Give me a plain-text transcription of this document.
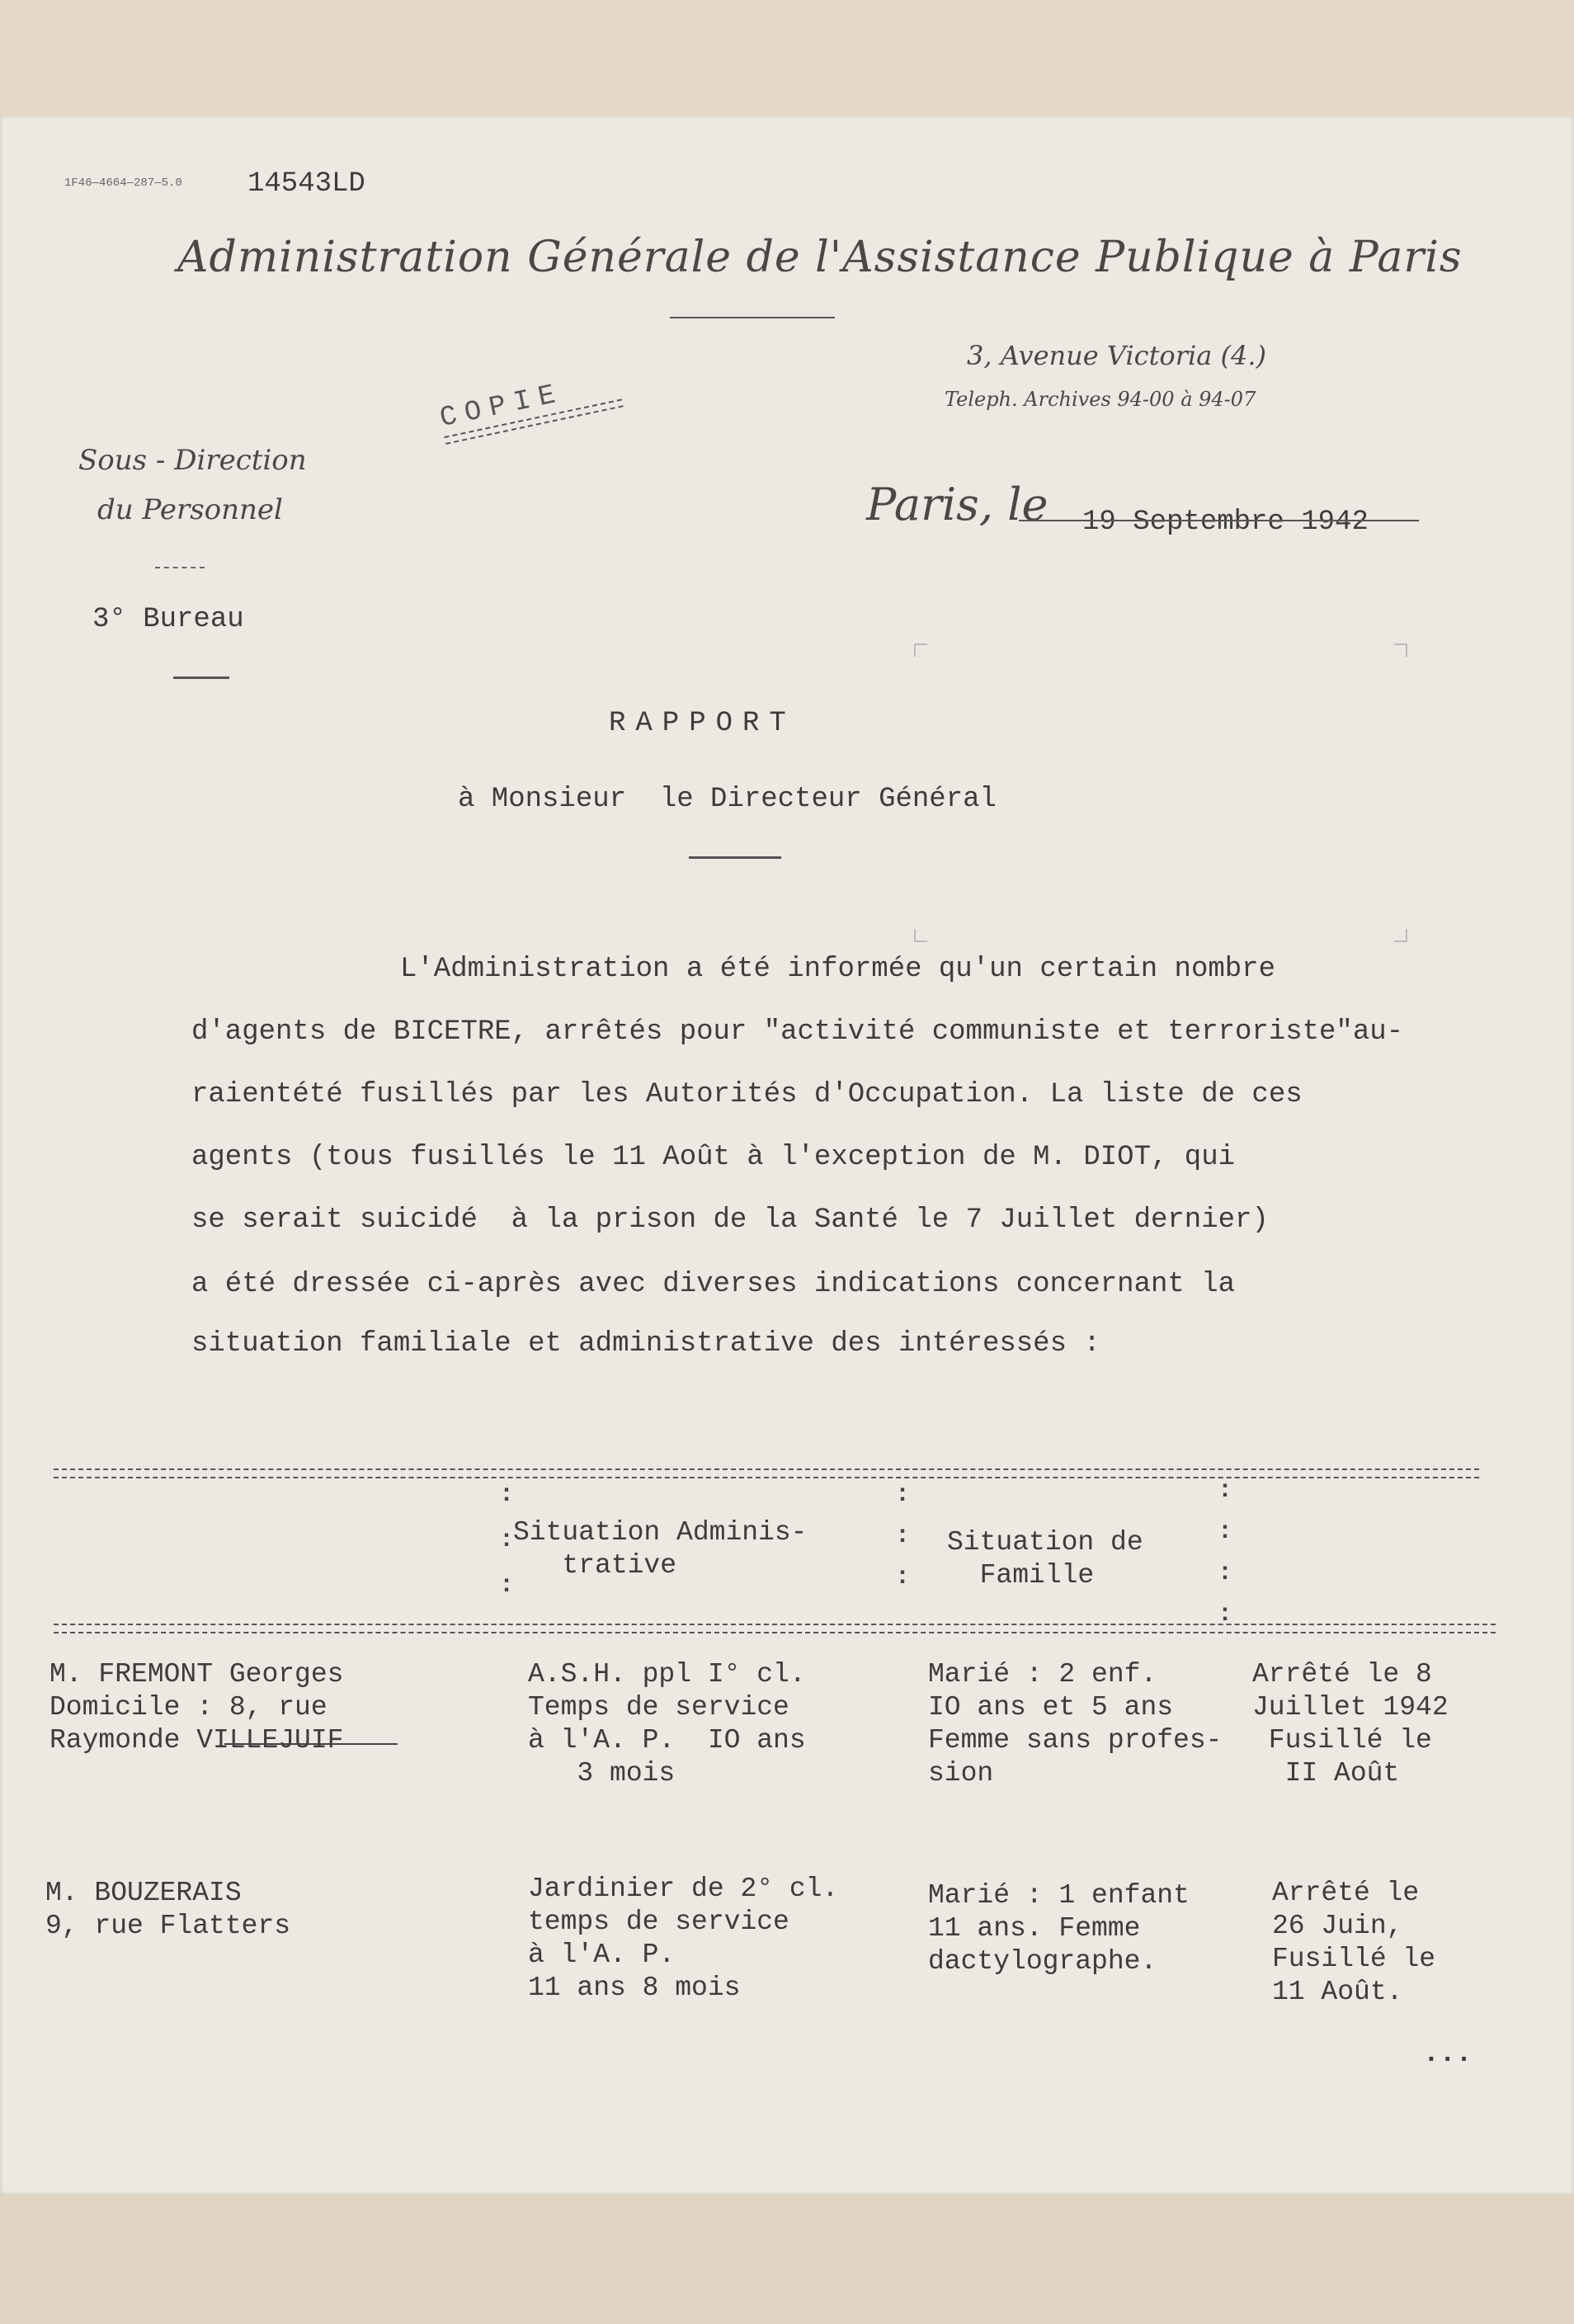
1F46—4664—287—5.0 14543LD
Administration Générale de l'Assistance Publique à Paris
3, Avenue Victoria (4.)
Teleph. Archives 94-00 à 94-07
Sous - Direction
du Personnel
3° Bureau
COPIE
Paris, le 19 Septembre 1942
RAPPORT
à Monsieur  le Directeur Général
L'Administration a été informée qu'un certain nombre
d'agents de BICETRE, arrêtés pour "activité communiste et terroriste"au-
raientété fusillés par les Autorités d'Occupation. La liste de ces
agents (tous fusillés le 11 Août à l'exception de M. DIOT, qui
se serait suicidé  à la prison de la Santé le 7 Juillet dernier)
a été dressée ci-après avec diverses indications concernant la
situation familiale et administrative des intéressés :
:
:
:
:
:
:
:
:
:
:
Situation Adminis-
trative
Situation de
Famille
M. FREMONT Georges
Domicile : 8, rue
Raymonde VILLEJUIF
A.S.H. ppl I° cl.
Temps de service
à l'A. P.  IO ans
3 mois
Marié : 2 enf.
IO ans et 5 ans
Femme sans profes-
sion
Arrêté le 8
Juillet 1942
Fusillé le
II Août
M. BOUZERAIS
9, rue Flatters
Jardinier de 2° cl.
temps de service
à l'A. P.
11 ans 8 mois
Marié : 1 enfant
11 ans. Femme
dactylographe.
Arrêté le
26 Juin,
Fusillé le
11 Août.
...
